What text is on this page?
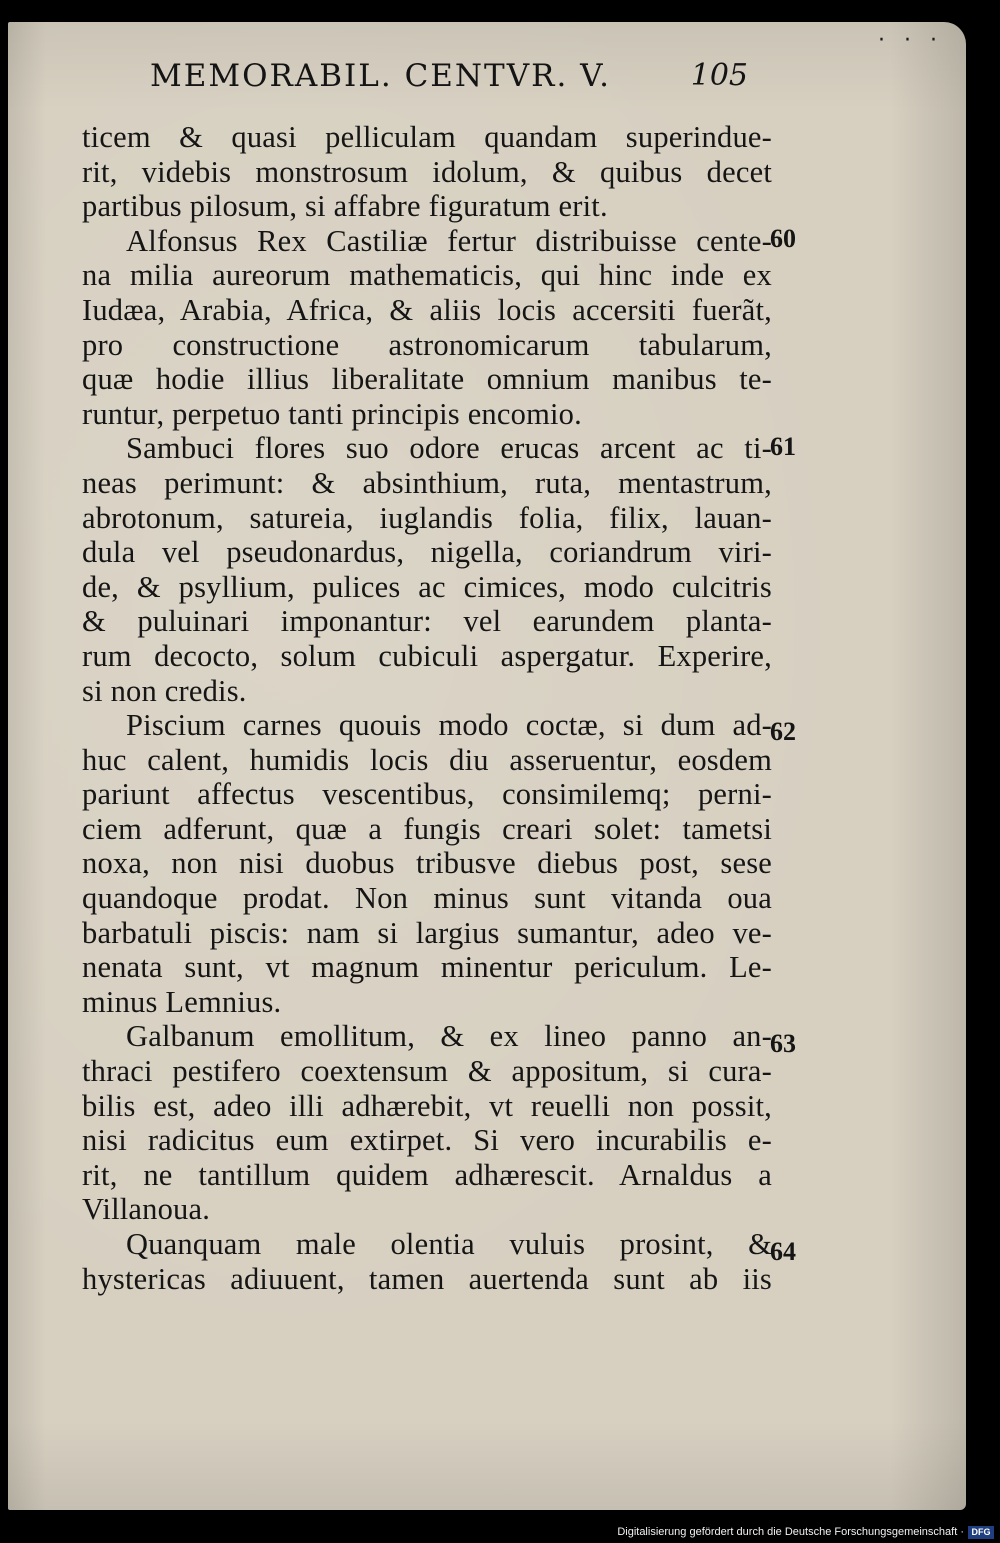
· · ·
MEMORABIL. CENTVR. V.	105
ticem & quasi pelliculam quandam superindue-
rit, videbis monstrosum idolum, & quibus decet
partibus pilosum, si affabre figuratum erit.
Alfonsus Rex Castiliæ fertur distribuisse cente-
na milia aureorum mathematicis, qui hinc inde ex
Iudæa, Arabia, Africa, & aliis locis accersiti fuerãt,
pro constructione astronomicarum tabularum,
quæ hodie illius liberalitate omnium manibus te-
runtur, perpetuo tanti principis encomio.
Sambuci flores suo odore erucas arcent ac ti-
neas perimunt: & absinthium, ruta, mentastrum,
abrotonum, satureia, iuglandis folia, filix, lauan-
dula vel pseudonardus, nigella, coriandrum viri-
de, & psyllium, pulices ac cimices, modo culcitris
& puluinari imponantur: vel earundem planta-
rum decocto, solum cubiculi aspergatur. Experire,
si non credis.
Piscium carnes quouis modo coctæ, si dum ad-
huc calent, humidis locis diu asseruentur, eosdem
pariunt affectus vescentibus, consimilemq; perni-
ciem adferunt, quæ a fungis creari solet: tametsi
noxa, non nisi duobus tribusve diebus post, sese
quandoque prodat. Non minus sunt vitanda oua
barbatuli piscis: nam si largius sumantur, adeo ve-
nenata sunt, vt magnum minentur periculum. Le-
minus Lemnius.
Galbanum emollitum, & ex lineo panno an-
thraci pestifero coextensum & appositum, si cura-
bilis est, adeo illi adhærebit, vt reuelli non possit,
nisi radicitus eum extirpet. Si vero incurabilis e-
rit, ne tantillum quidem adhærescit. Arnaldus a
Villanoua.
Quanquam male olentia vuluis prosint, &
hystericas adiuuent, tamen auertenda sunt ab iis
60
61
62
63
64
Digitalisierung gefördert durch die Deutsche Forschungsgemeinschaft · DFG
